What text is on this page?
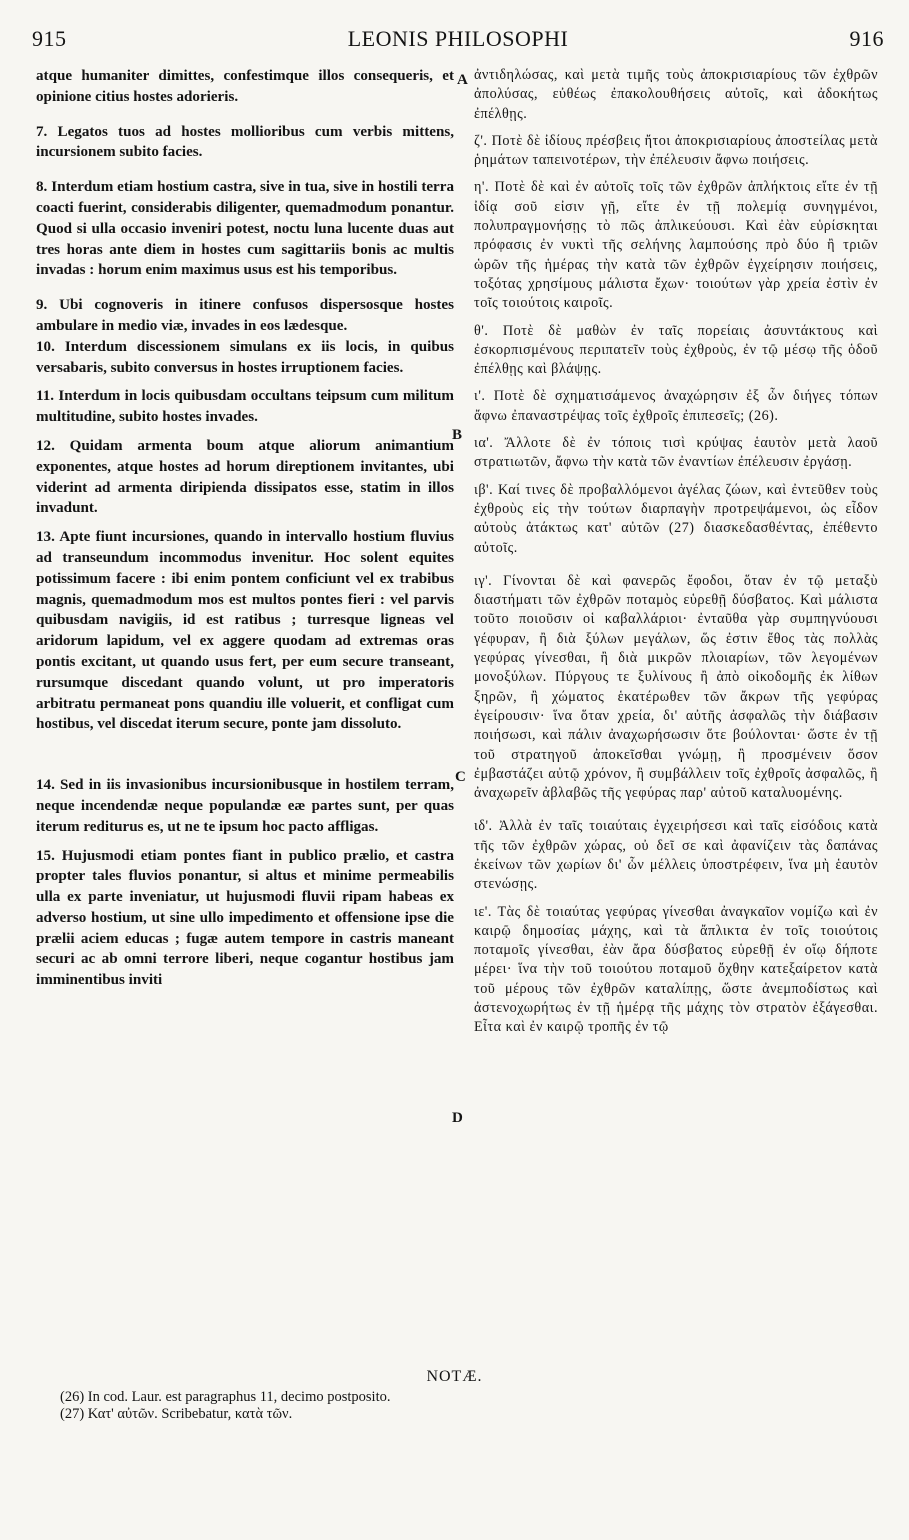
915	LEONIS PHILOSOPHI	916
A
B
C
D

atque humaniter dimittes, confestimque illos consequeris, et opinione citius hostes adorieris.

7. Legatos tuos ad hostes mollioribus cum verbis mittens, incursionem subito facies.

8. Interdum etiam hostium castra, sive in tua, sive in hostili terra coacti fuerint, considerabis diligenter, quemadmodum ponantur. Quod si ulla occasio inveniri potest, noctu luna lucente duas aut tres horas ante diem in hostes cum sagittariis bonis ac multis invadas : horum enim maximus usus est his temporibus.

9. Ubi cognoveris in itinere confusos dispersosque hostes ambulare in medio viæ, invades in eos lædesque.

10. Interdum discessionem simulans ex iis locis, in quibus versabaris, subito conversus in hostes irruptionem facies.

11. Interdum in locis quibusdam occultans teipsum cum militum multitudine, subito hostes invades.

12. Quidam armenta boum atque aliorum animantium exponentes, atque hostes ad horum direptionem invitantes, ubi viderint ad armenta diripienda dissipatos esse, statim in illos invadunt.

13. Apte fiunt incursiones, quando in intervallo hostium fluvius ad transeundum incommodus invenitur. Hoc solent equites potissimum facere : ibi enim pontem conficiunt vel ex trabibus magnis, quemadmodum mos est multos pontes fieri : vel parvis quibusdam navigiis, id est ratibus ; turresque ligneas vel aridorum lapidum, vel ex aggere quodam ad extremas oras pontis excitant, ut quando usus fert, per eum secure transeant, rursumque discedant quando volunt, ut pro imperatoris arbitratu permaneat pons quandiu ille voluerit, et confligat cum hostibus, vel discedat iterum secure, ponte jam dissoluto.

14. Sed in iis invasionibus incursionibusque in hostilem terram, neque incendendæ neque populandæ eæ partes sunt, per quas iterum rediturus es, ut ne te ipsum hoc pacto affligas.

15. Hujusmodi etiam pontes fiant in publico prælio, et castra propter tales fluvios ponantur, si altus et minime permeabilis ulla ex parte inveniatur, ut hujusmodi fluvii ripam habeas ex adverso hostium, ut sine ullo impedimento et offensione ipse die prælii aciem educas ; fugæ autem tempore in castris maneant securi ac ab omni terrore liberi, neque cogantur hostibus jam imminentibus inviti

ἀντιδηλώσας, καὶ μετὰ τιμῆς τοὺς ἀποκρισιαρίους τῶν ἐχθρῶν ἀπολύσας, εὐθέως ἐπακολουθήσεις αὐτοῖς, καὶ ἀδοκήτως ἐπέλθῃς.

ζ'. Ποτὲ δὲ ἰδίους πρέσβεις ἤτοι ἀποκρισιαρίους ἀποστείλας μετὰ ῥημάτων ταπεινοτέρων, τὴν ἐπέλευσιν ἄφνω ποιήσεις.

η'. Ποτὲ δὲ καὶ ἐν αὐτοῖς τοῖς τῶν ἐχθρῶν ἀπλήκτοις εἴτε ἐν τῇ ἰδίᾳ σοῦ εἰσιν γῇ, εἴτε ἐν τῇ πολεμίᾳ συνηγμένοι, πολυπραγμονήσῃς τὸ πῶς ἀπλικεύουσι. Καὶ ἐὰν εὑρίσκηται πρόφασις ἐν νυκτὶ τῆς σελήνης λαμπούσης πρὸ δύο ἢ τριῶν ὡρῶν τῆς ἡμέρας τὴν κατὰ τῶν ἐχθρῶν ἐγχείρησιν ποιήσεις, τοξότας χρησίμους μάλιστα ἔχων· τοιούτων γὰρ χρεία ἐστὶν ἐν τοῖς τοιούτοις καιροῖς.

θ'. Ποτὲ δὲ μαθὼν ἐν ταῖς πορείαις ἀσυντάκτους καὶ ἐσκορπισμένους περιπατεῖν τοὺς ἐχθροὺς, ἐν τῷ μέσῳ τῆς ὁδοῦ ἐπέλθῃς καὶ βλάψῃς.

ι'. Ποτὲ δὲ σχηματισάμενος ἀναχώρησιν ἐξ ὧν διήγες τόπων ἄφνω ἐπαναστρέψας τοῖς ἐχθροῖς ἐπιπεσεῖς; (26).

ια'. Ἄλλοτε δὲ ἐν τόποις τισὶ κρύψας ἑαυτὸν μετὰ λαοῦ στρατιωτῶν, ἄφνω τὴν κατὰ τῶν ἐναντίων ἐπέλευσιν ἐργάσῃ.

ιβ'. Καί τινες δὲ προβαλλόμενοι ἀγέλας ζώων, καὶ ἐντεῦθεν τοὺς ἐχθροὺς εἰς τὴν τούτων διαρπαγὴν προτρεψάμενοι, ὡς εἶδον αὐτοὺς ἀτάκτως κατ' αὐτῶν (27) διασκεδασθέντας, ἐπέθεντο αὐτοῖς.

ιγ'. Γίνονται δὲ καὶ φανερῶς ἔφοδοι, ὅταν ἐν τῷ μεταξὺ διαστήματι τῶν ἐχθρῶν ποταμὸς εὑρεθῇ δύσβατος. Καὶ μάλιστα τοῦτο ποιοῦσιν οἱ καβαλλάριοι· ἐνταῦθα γὰρ συμπηγνύουσι γέφυραν, ἢ διὰ ξύλων μεγάλων, ὥς ἐστιν ἔθος τὰς πολλὰς γεφύρας γίνεσθαι, ἢ διὰ μικρῶν πλοιαρίων, τῶν λεγομένων μονοξύλων. Πύργους τε ξυλίνους ἢ ἀπὸ οἰκοδομῆς ἐκ λίθων ξηρῶν, ἢ χώματος ἑκατέρωθεν τῶν ἄκρων τῆς γεφύρας ἐγείρουσιν· ἵνα ὅταν χρεία, δι' αὐτῆς ἀσφαλῶς τὴν διάβασιν ποιήσωσι, καὶ πάλιν ἀναχωρήσωσιν ὅτε βούλονται· ὥστε ἐν τῇ τοῦ στρατηγοῦ ἀποκεῖσθαι γνώμῃ, ἢ προσμένειν ὅσον ἐμβαστάζει αὐτῷ χρόνον, ἢ συμβάλλειν τοῖς ἐχθροῖς ἀσφαλῶς, ἢ ἀναχωρεῖν ἀβλαβῶς τῆς γεφύρας παρ' αὐτοῦ καταλυομένης.

ιδ'. Ἀλλὰ ἐν ταῖς τοιαύταις ἐγχειρήσεσι καὶ ταῖς εἰσόδοις κατὰ τῆς τῶν ἐχθρῶν χώρας, οὐ δεῖ σε καὶ ἀφανίζειν τὰς δαπάνας ἐκείνων τῶν χωρίων δι' ὧν μέλλεις ὑποστρέφειν, ἵνα μὴ ἑαυτὸν στενώσῃς.

ιε'. Τὰς δὲ τοιαύτας γεφύρας γίνεσθαι ἀναγκαῖον νομίζω καὶ ἐν καιρῷ δημοσίας μάχης, καὶ τὰ ἄπλικτα ἐν τοῖς τοιούτοις ποταμοῖς γίνεσθαι, ἐὰν ἄρα δύσβατος εὑρεθῇ ἐν οἵῳ δήποτε μέρει· ἵνα τὴν τοῦ τοιούτου ποταμοῦ ὄχθην κατεξαίρετον κατὰ τοῦ μέρους τῶν ἐχθρῶν καταλίπῃς, ὥστε ἀνεμποδίστως καὶ ἀστενοχωρήτως ἐν τῇ ἡμέρᾳ τῆς μάχης τὸν στρατὸν ἐξάγεσθαι. Εἶτα καὶ ἐν καιρῷ τροπῆς ἐν τῷ

NOTÆ.
(26) In cod. Laur. est paragraphus 11, decimo postposito.
(27) Κατ' αὐτῶν. Scribebatur, κατὰ τῶν.
